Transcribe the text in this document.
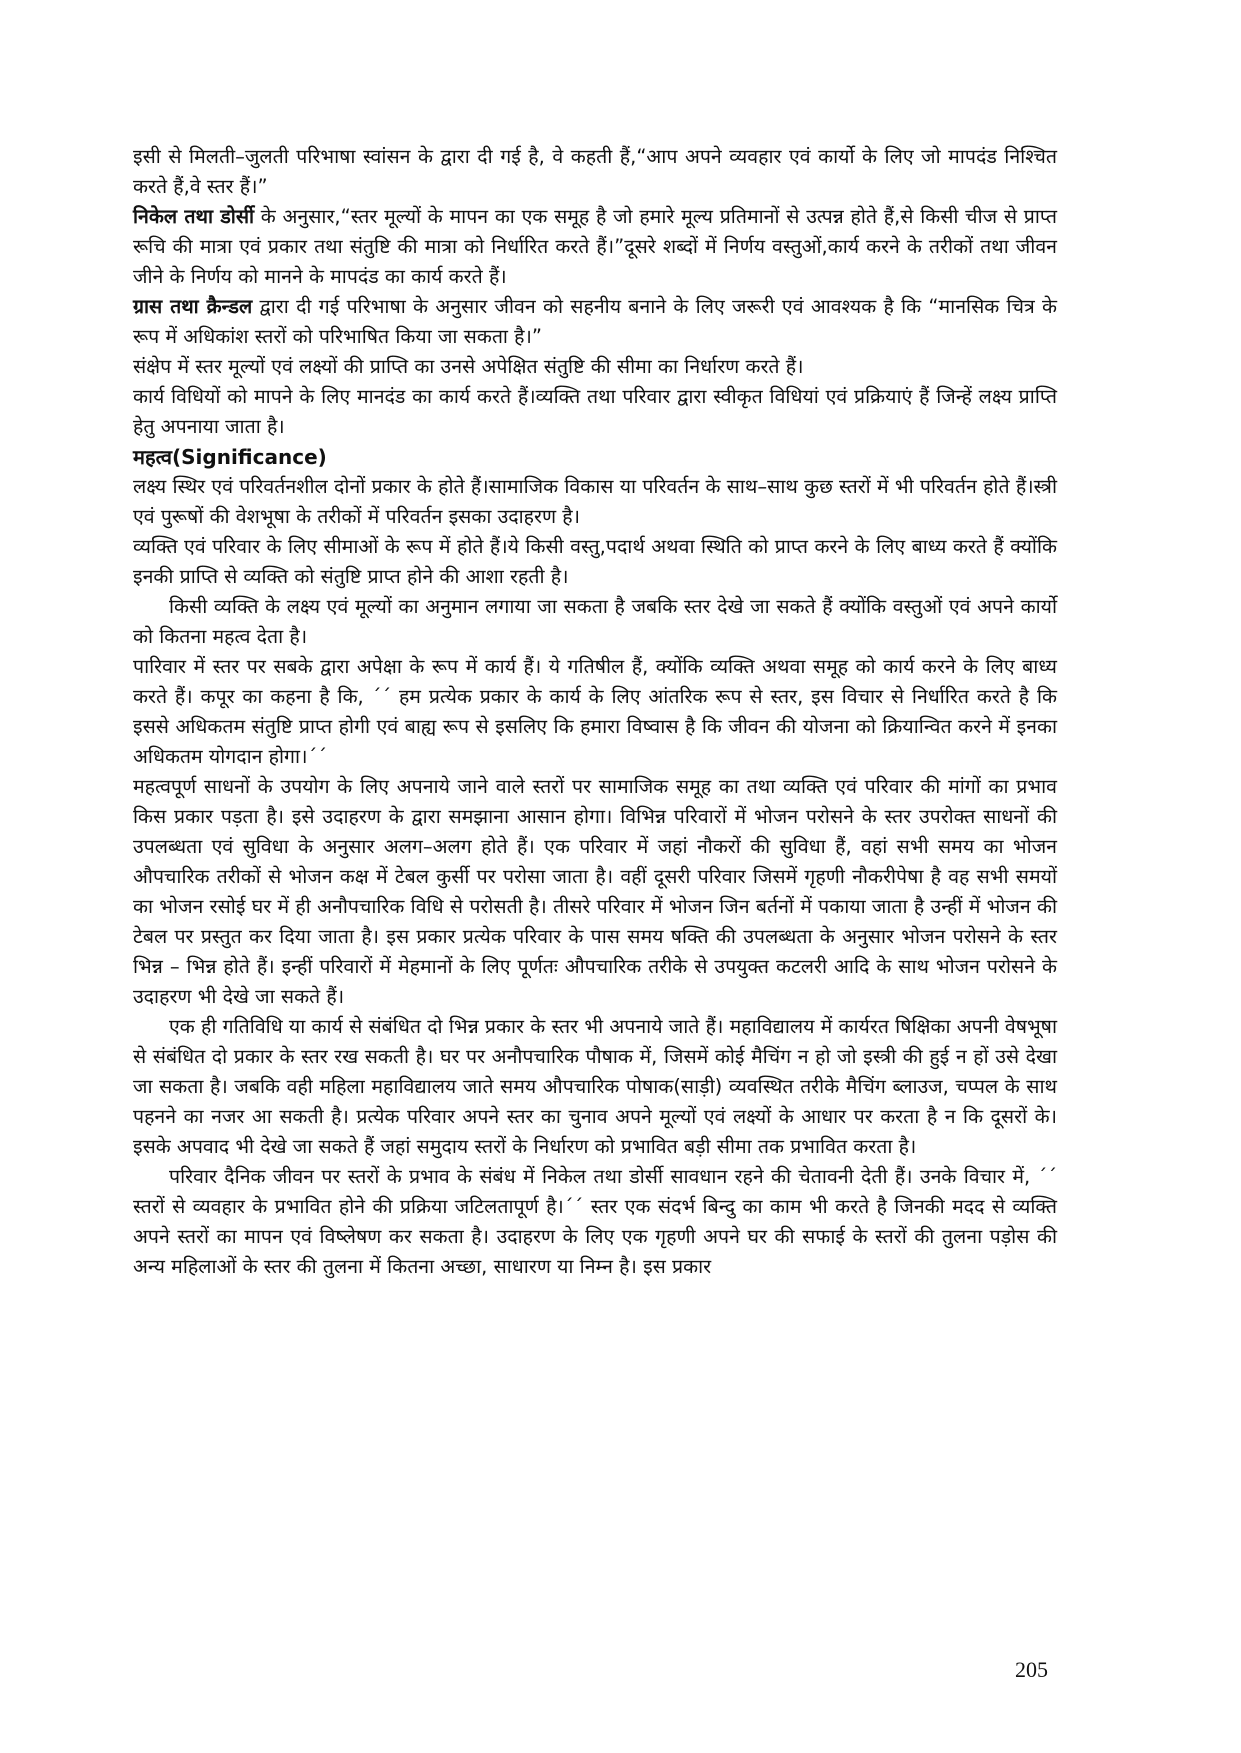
इसी से मिलती–जुलती परिभाषा स्वांसन के द्वारा दी गई है, वे कहती हैं,“आप अपने व्यवहार एवं कार्यो के लिए जो मापदंड निश्चित करते हैं,वे स्तर हैं।”

निकेल तथा डोर्सी के अनुसार,“स्तर मूल्यों के मापन का एक समूह है जो हमारे मूल्य प्रतिमानों से उत्पन्न होते हैं,से किसी चीज से प्राप्त रूचि की मात्रा एवं प्रकार तथा संतुष्टि की मात्रा को निर्धारित करते हैं।”दूसरे शब्दों में निर्णय वस्तुओं,कार्य करने के तरीकों तथा जीवन जीने के निर्णय को मानने के मापदंड का कार्य करते हैं।

ग्रास तथा क्रैन्डल द्वारा दी गई परिभाषा के अनुसार जीवन को सहनीय बनाने के लिए जरूरी एवं आवश्यक है कि “मानसिक चित्र के रूप में अधिकांश स्तरों को परिभाषित किया जा सकता है।”

संक्षेप में स्तर मूल्यों एवं लक्ष्यों की प्राप्ति का उनसे अपेक्षित संतुष्टि की सीमा का निर्धारण करते हैं।

कार्य विधियों को मापने के लिए मानदंड का कार्य करते हैं।व्यक्ति तथा परिवार द्वारा स्वीकृत विधियां एवं प्रक्रियाएं हैं जिन्हें लक्ष्य प्राप्ति हेतु अपनाया जाता है।

महत्व(Significance)

लक्ष्य स्थिर एवं परिवर्तनशील दोनों प्रकार के होते हैं।सामाजिक विकास या परिवर्तन के साथ–साथ कुछ स्तरों में भी परिवर्तन होते हैं।स्त्री एवं पुरूषों की वेशभूषा के तरीकों में परिवर्तन इसका उदाहरण है।

व्यक्ति एवं परिवार के लिए सीमाओं के रूप में होते हैं।ये किसी वस्तु,पदार्थ अथवा स्थिति को प्राप्त करने के लिए बाध्य करते हैं क्योंकि इनकी प्राप्ति से व्यक्ति को संतुष्टि प्राप्त होने की आशा रहती है।

किसी व्यक्ति के लक्ष्य एवं मूल्यों का अनुमान लगाया जा सकता है जबकि स्तर देखे जा सकते हैं क्योंकि वस्तुओं एवं अपने कार्यो को कितना महत्व देता है।

पारिवार में स्तर पर सबके द्वारा अपेक्षा के रूप में कार्य हैं। ये गतिषील हैं, क्योंकि व्यक्ति अथवा समूह को कार्य करने के लिए बाध्य करते हैं। कपूर का कहना है कि, ´´ हम प्रत्येक प्रकार के कार्य के लिए आंतरिक रूप से स्तर, इस विचार से निर्धारित करते है कि इससे अधिकतम संतुष्टि प्राप्त होगी एवं बाह्य रूप से इसलिए कि हमारा विष्वास है कि जीवन की योजना को क्रियान्वित करने में इनका अधिकतम योगदान होगा।´´

महत्वपूर्ण साधनों के उपयोग के लिए अपनाये जाने वाले स्तरों पर सामाजिक समूह का तथा व्यक्ति एवं परिवार की मांगों का प्रभाव किस प्रकार पड़ता है। इसे उदाहरण के द्वारा समझाना आसान होगा। विभिन्न परिवारों में भोजन परोसने के स्तर उपरोक्त साधनों की उपलब्धता एवं सुविधा के अनुसार अलग–अलग होते हैं। एक परिवार में जहां नौकरों की सुविधा हैं, वहां सभी समय का भोजन औपचारिक तरीकों से भोजन कक्ष में टेबल कुर्सी पर परोसा जाता है। वहीं दूसरी परिवार जिसमें गृहणी नौकरीपेषा है वह सभी समयों का भोजन रसोई घर में ही अनौपचारिक विधि से परोसती है। तीसरे परिवार में भोजन जिन बर्तनों में पकाया जाता है उन्हीं में भोजन की टेबल पर प्रस्तुत कर दिया जाता है। इस प्रकार प्रत्येक परिवार के पास समय षक्ति की उपलब्धता के अनुसार भोजन परोसने के स्तर भिन्न – भिन्न होते हैं। इन्हीं परिवारों में मेहमानों के लिए पूर्णतः औपचारिक तरीके से उपयुक्त कटलरी आदि के साथ भोजन परोसने के उदाहरण भी देखे जा सकते हैं।

एक ही गतिविधि या कार्य से संबंधित दो भिन्न प्रकार के स्तर भी अपनाये जाते हैं। महाविद्यालय में कार्यरत षिक्षिका अपनी वेषभूषा से संबंधित दो प्रकार के स्तर रख सकती है। घर पर अनौपचारिक पौषाक में, जिसमें कोई मैचिंग न हो जो इस्त्री की हुई न हों उसे देखा जा सकता है। जबकि वही महिला महाविद्यालय जाते समय औपचारिक पोषाक(साड़ी) व्यवस्थित तरीके मैचिंग ब्लाउज, चप्पल के साथ पहनने का नजर आ सकती है। प्रत्येक परिवार अपने स्तर का चुनाव अपने मूल्यों एवं लक्ष्यों के आधार पर करता है न कि दूसरों के। इसके अपवाद भी देखे जा सकते हैं जहां समुदाय स्तरों के निर्धारण को प्रभावित बड़ी सीमा तक प्रभावित करता है।

परिवार दैनिक जीवन पर स्तरों के प्रभाव के संबंध में निकेल तथा डोर्सी सावधान रहने की चेतावनी देती हैं। उनके विचार में, ´´ स्तरों से व्यवहार के प्रभावित होने की प्रक्रिया जटिलतापूर्ण है।´´ स्तर एक संदर्भ बिन्दु का काम भी करते है जिनकी मदद से व्यक्ति अपने स्तरों का मापन एवं विष्लेषण कर सकता है। उदाहरण के लिए एक गृहणी अपने घर की सफाई के स्तरों की तुलना पड़ोस की अन्य महिलाओं के स्तर की तुलना में कितना अच्छा, साधारण या निम्न है। इस प्रकार

205
